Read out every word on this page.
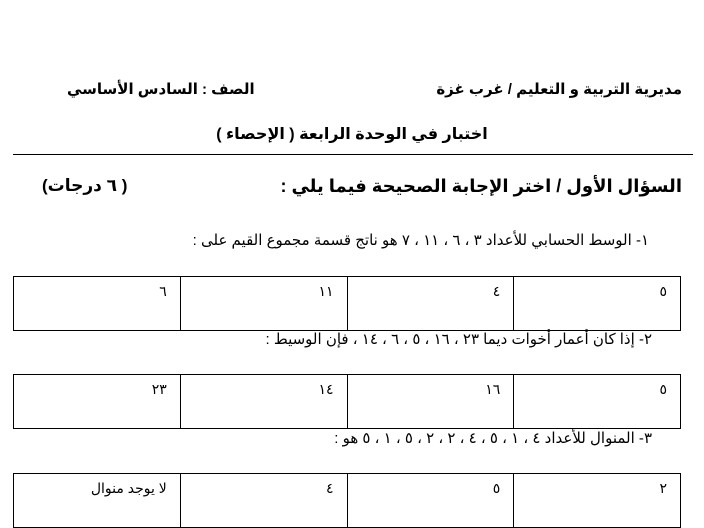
مديرية التربية و التعليم / غرب غزة
الصف : السادس الأساسي
اختبار في الوحدة الرابعة ( الإحصاء )
السؤال الأول / اختر الإجابة الصحيحة فيما يلي :
( ٦ درجات)
١- الوسط الحسابي للأعداد ٣ ، ٦ ، ١١ ، ٧ هو ناتج قسمة مجموع القيم على :
٥	٤	١١	٦
٢- إذا كان أعمار أخوات ديما ٢٣ ، ١٦ ، ٥ ، ٦ ، ١٤ ، فإن الوسيط :
٥	١٦	١٤	٢٣
٣- المنوال للأعداد ٤ ، ١ ، ٥ ، ٤ ، ٢ ، ٢ ، ٥ ، ١ ، ٥ هو :
٢	٥	٤	لا يوجد منوال
